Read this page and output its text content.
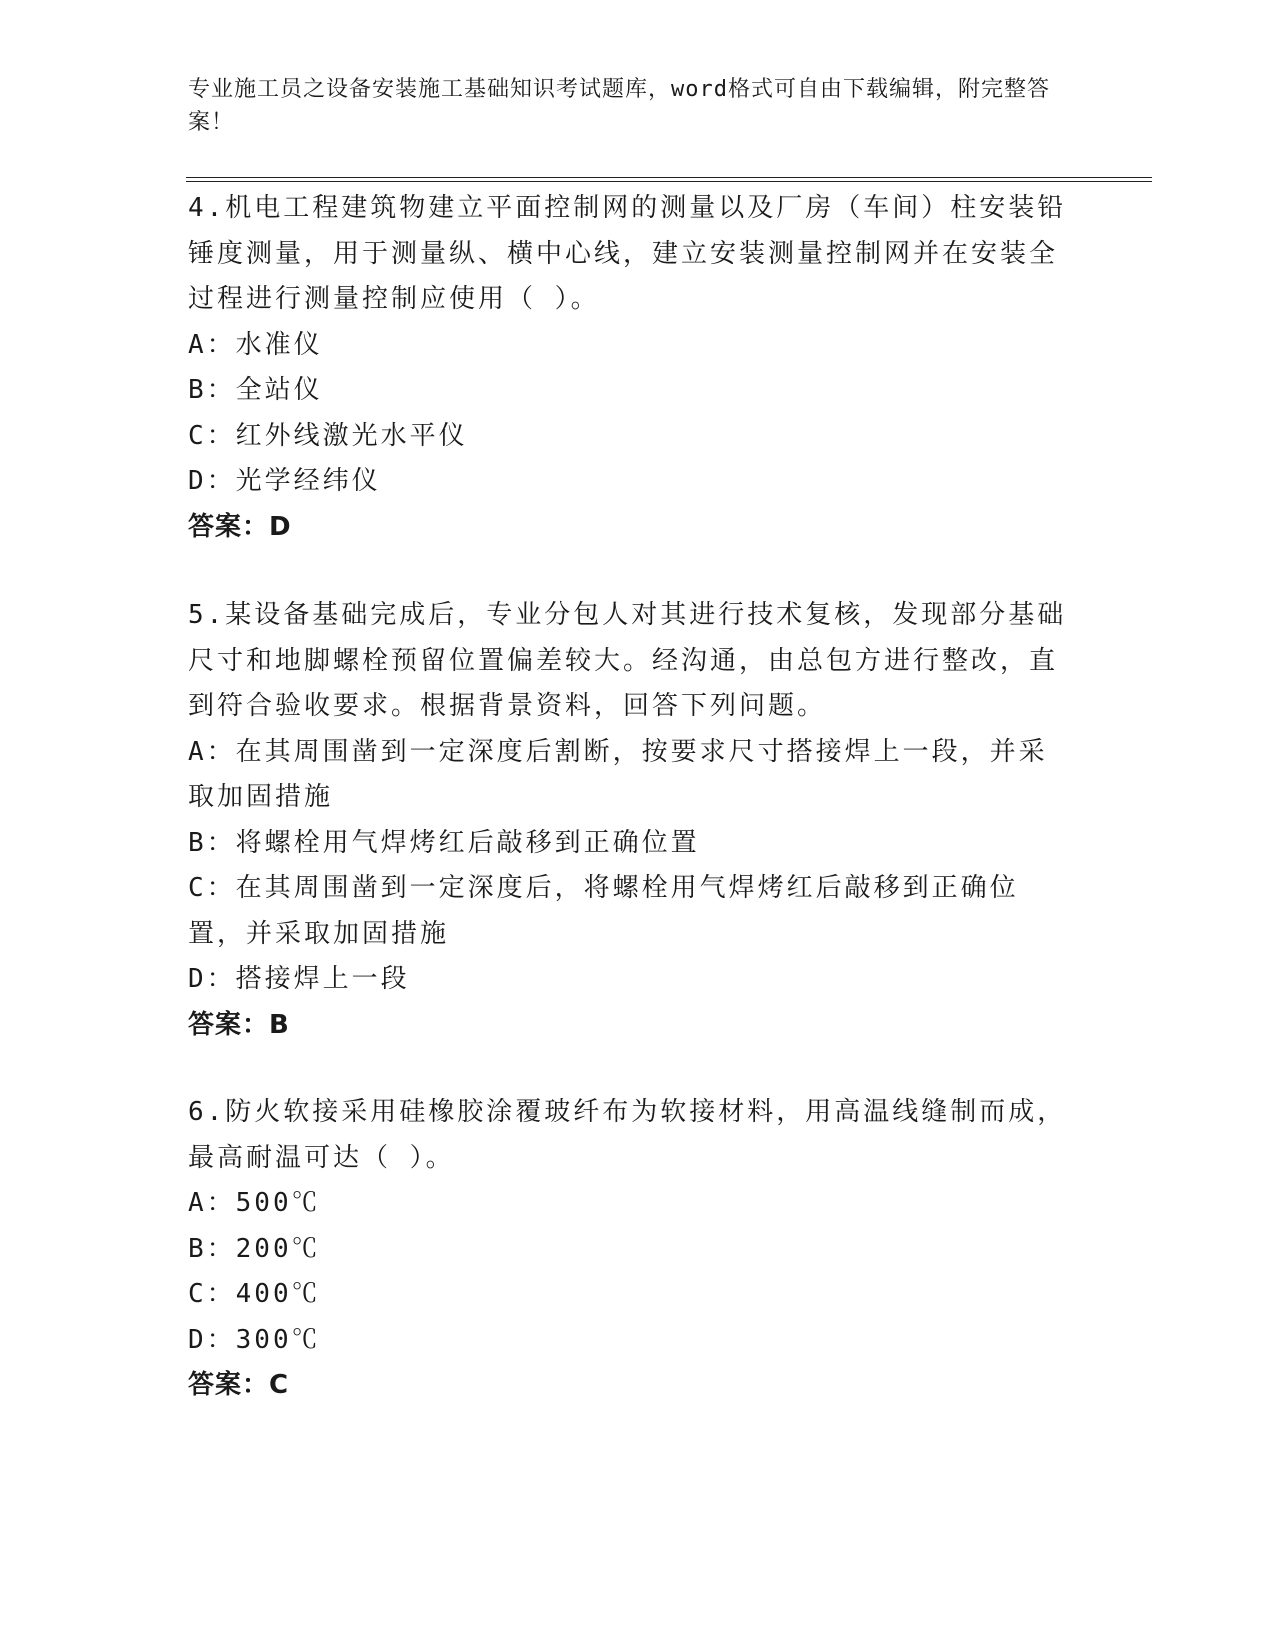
专业施工员之设备安装施工基础知识考试题库，word格式可自由下载编辑，附完整答案！

4.机电工程建筑物建立平面控制网的测量以及厂房（车间）柱安装铅锤度测量，用于测量纵、横中心线，建立安装测量控制网并在安装全过程进行测量控制应使用（ ）。

A：水准仪

B：全站仪

C：红外线激光水平仪

D：光学经纬仪

答案：D

5.某设备基础完成后，专业分包人对其进行技术复核，发现部分基础尺寸和地脚螺栓预留位置偏差较大。经沟通，由总包方进行整改，直到符合验收要求。根据背景资料，回答下列问题。

A：在其周围凿到一定深度后割断，按要求尺寸搭接焊上一段，并采取加固措施

B：将螺栓用气焊烤红后敲移到正确位置

C：在其周围凿到一定深度后，将螺栓用气焊烤红后敲移到正确位置，并采取加固措施

D：搭接焊上一段

答案：B

6.防火软接采用硅橡胶涂覆玻纤布为软接材料，用高温线缝制而成，最高耐温可达（ ）。

A：500℃

B：200℃

C：400℃

D：300℃

答案：C
